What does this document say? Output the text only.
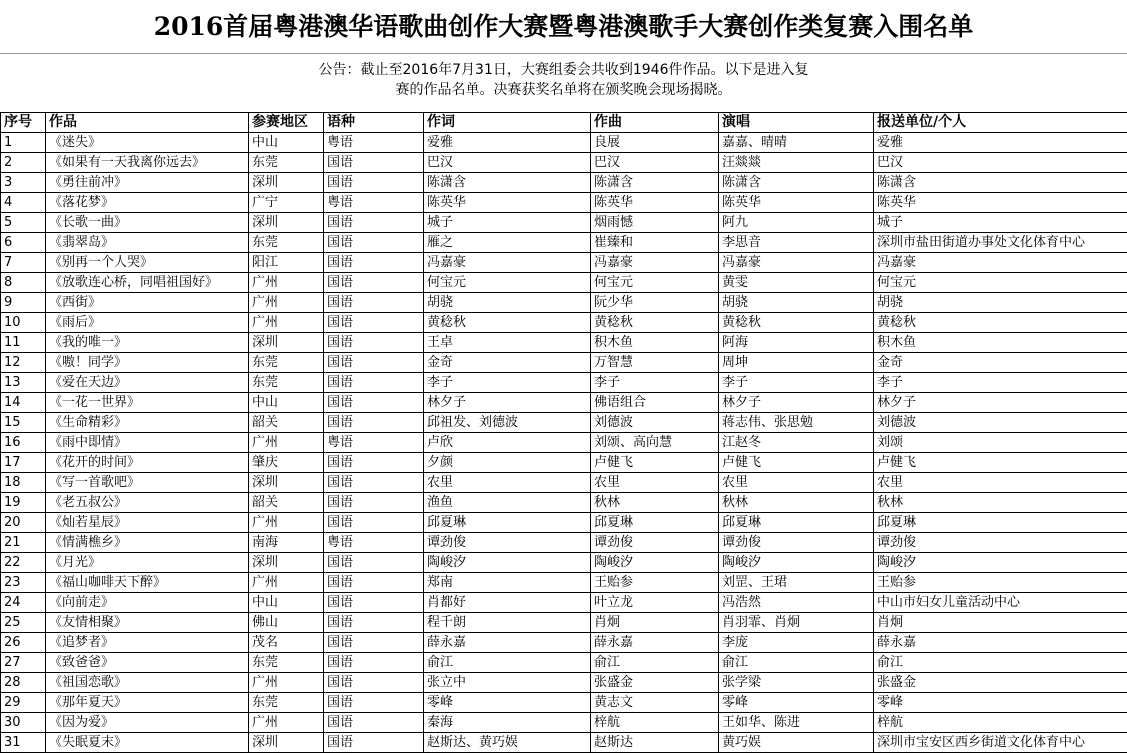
2016首届粤港澳华语歌曲创作大赛暨粤港澳歌手大赛创作类复赛入围名单
公告：截止至2016年7月31日，大赛组委会共收到1946件作品。以下是进入复
赛的作品名单。决赛获奖名单将在颁奖晚会现场揭晓。
序号	作品	参赛地区	语种	作词	作曲	演唱	报送单位/个人
1	《迷失》	中山	粤语	爱雅	良展	嘉嘉、晴晴	爱雅
2	《如果有一天我离你远去》	东莞	国语	巴汉	巴汉	汪燚燚	巴汉
3	《勇往前冲》	深圳	国语	陈潇含	陈潇含	陈潇含	陈潇含
4	《落花梦》	广宁	粤语	陈英华	陈英华	陈英华	陈英华
5	《长歌一曲》	深圳	国语	城子	烟雨憾	阿九	城子
6	《翡翠岛》	东莞	国语	雁之	崔臻和	李思音	深圳市盐田街道办事处文化体育中心
7	《别再一个人哭》	阳江	国语	冯嘉豪	冯嘉豪	冯嘉豪	冯嘉豪
8	《放歌连心桥，同唱祖国好》	广州	国语	何宝元	何宝元	黄雯	何宝元
9	《西街》	广州	国语	胡骁	阮少华	胡骁	胡骁
10	《雨后》	广州	国语	黄稔秋	黄稔秋	黄稔秋	黄稔秋
11	《我的唯一》	深圳	国语	王卓	积木鱼	阿海	积木鱼
12	《嗷！同学》	东莞	国语	金奇	万智慧	周坤	金奇
13	《爱在天边》	东莞	国语	李子	李子	李子	李子
14	《一花一世界》	中山	国语	林夕子	佛语组合	林夕子	林夕子
15	《生命精彩》	韶关	国语	邱祖发、刘德波	刘德波	蒋志伟、张思勉	刘德波
16	《雨中即情》	广州	粤语	卢欣	刘颂、高向慧	江赵冬	刘颂
17	《花开的时间》	肇庆	国语	夕颜	卢健飞	卢健飞	卢健飞
18	《写一首歌吧》	深圳	国语	农里	农里	农里	农里
19	《老五叔公》	韶关	国语	渔鱼	秋林	秋林	秋林
20	《灿若星辰》	广州	国语	邱夏琳	邱夏琳	邱夏琳	邱夏琳
21	《情满樵乡》	南海	粤语	谭劲俊	谭劲俊	谭劲俊	谭劲俊
22	《月光》	深圳	国语	陶峻汐	陶峻汐	陶峻汐	陶峻汐
23	《福山咖啡天下醉》	广州	国语	郑南	王贻参	刘罡、王珺	王贻参
24	《向前走》	中山	国语	肖都好	叶立龙	冯浩然	中山市妇女儿童活动中心
25	《友情相聚》	佛山	国语	程千朗	肖炯	肖羽霏、肖炯	肖炯
26	《追梦者》	茂名	国语	薛永嘉	薛永嘉	李庞	薛永嘉
27	《致爸爸》	东莞	国语	俞江	俞江	俞江	俞江
28	《祖国恋歌》	广州	国语	张立中	张盛金	张学梁	张盛金
29	《那年夏天》	东莞	国语	零峰	黄志文	零峰	零峰
30	《因为爱》	广州	国语	秦海	梓航	王如华、陈进	梓航
31	《失眠夏末》	深圳	国语	赵斯达、黄巧娱	赵斯达	黄巧娱	深圳市宝安区西乡街道文化体育中心
